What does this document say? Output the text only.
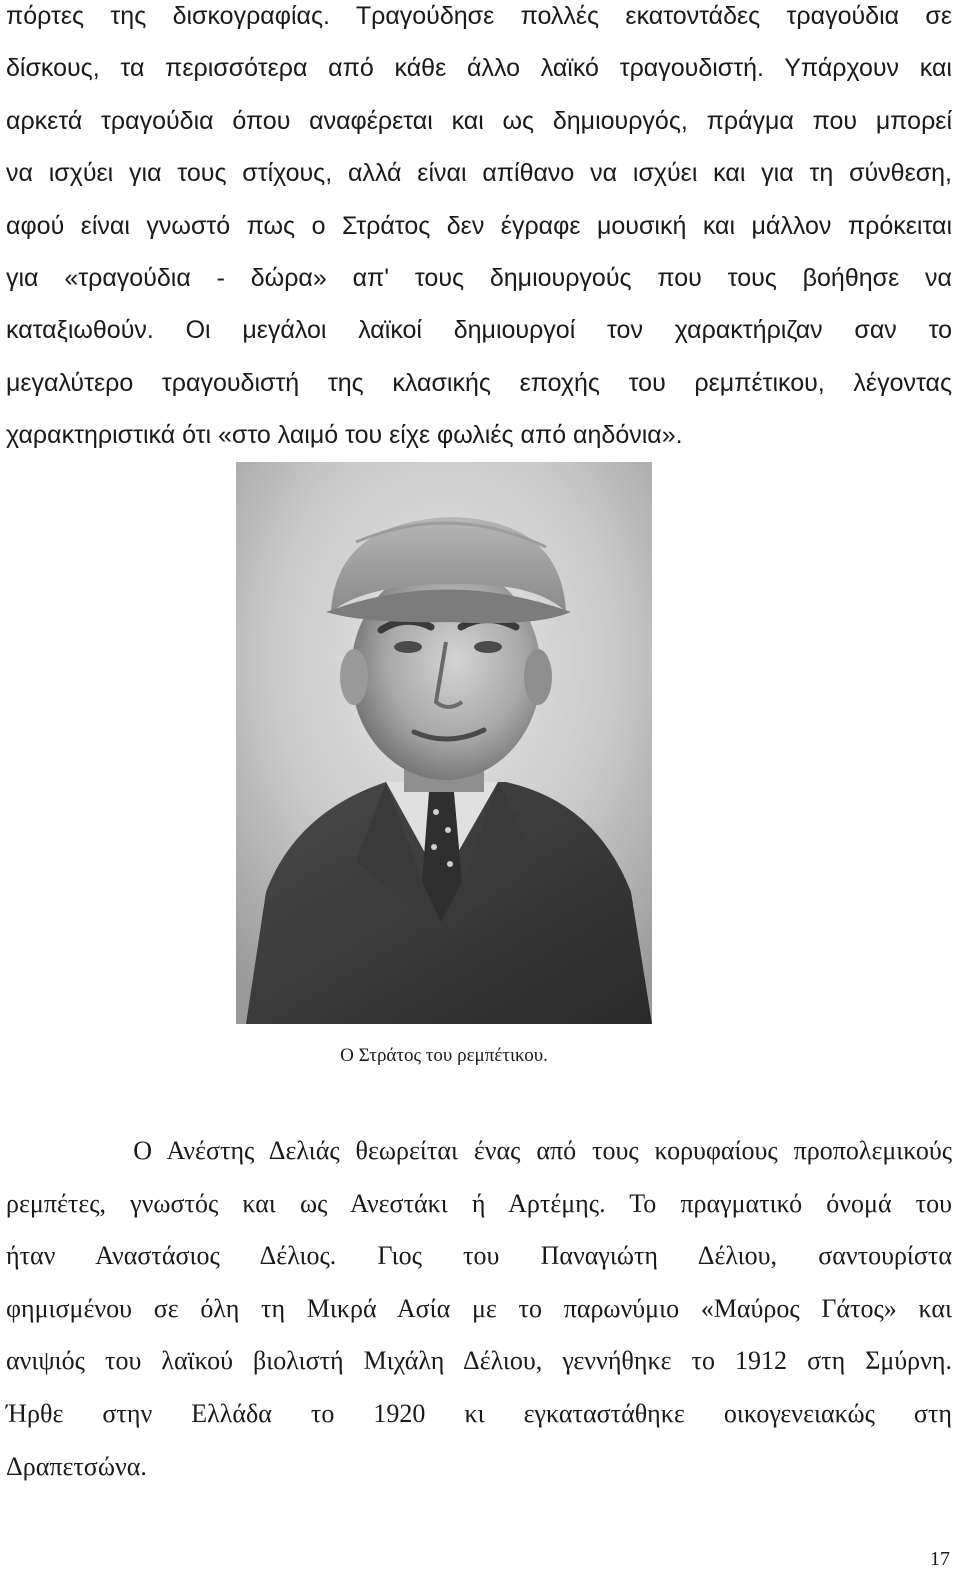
πόρτες της δισκογραφίας. Τραγούδησε πολλές εκατοντάδες τραγούδια σε
δίσκους, τα περισσότερα από κάθε άλλο λαϊκό τραγουδιστή. Υπάρχουν και
αρκετά τραγούδια όπου αναφέρεται και ως δημιουργός, πράγμα που μπορεί
να ισχύει για τους στίχους, αλλά είναι απίθανο να ισχύει και για τη σύνθεση,
αφού είναι γνωστό πως ο Στράτος δεν έγραφε μουσική και μάλλον πρόκειται
για «τραγούδια - δώρα» απ' τους δημιουργούς που τους βοήθησε να
καταξιωθούν. Οι μεγάλοι λαϊκοί δημιουργοί τον χαρακτήριζαν σαν το
μεγαλύτερο τραγουδιστή της κλασικής εποχής του ρεμπέτικου, λέγοντας
χαρακτηριστικά ότι «στο λαιμό του είχε φωλιές από αηδόνια».
Ο Στράτος του ρεμπέτικου.
Ο Ανέστης Δελιάς θεωρείται ένας από τους κορυφαίους προπολεμικούς
ρεμπέτες, γνωστός και ως Ανεστάκι ή Αρτέμης. Το πραγματικό όνομά του
ήταν Αναστάσιος Δέλιος. Γιος του Παναγιώτη Δέλιου, σαντουρίστα
φημισμένου σε όλη τη Μικρά Ασία με το παρωνύμιο «Μαύρος Γάτος» και
ανιψιός του λαϊκού βιολιστή Μιχάλη Δέλιου, γεννήθηκε το 1912 στη Σμύρνη.
Ήρθε στην Ελλάδα το 1920 κι εγκαταστάθηκε οικογενειακώς στη
Δραπετσώνα.
17
